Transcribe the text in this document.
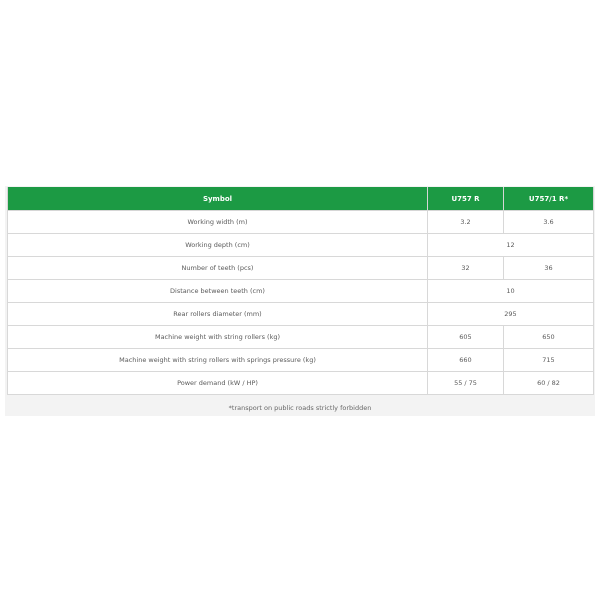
Symbol	U757 R	U757/1 R*
Working width (m)	3.2	3.6
Working depth (cm)	12	
Number of teeth (pcs)	32	36
Distance between teeth (cm)	10	
Rear rollers diameter (mm)	295	
Machine weight with string rollers (kg)	605	650
Machine weight with string rollers with springs pressure (kg)	660	715
Power demand (kW / HP)	55 / 75	60 / 82
*transport on public roads strictly forbidden
